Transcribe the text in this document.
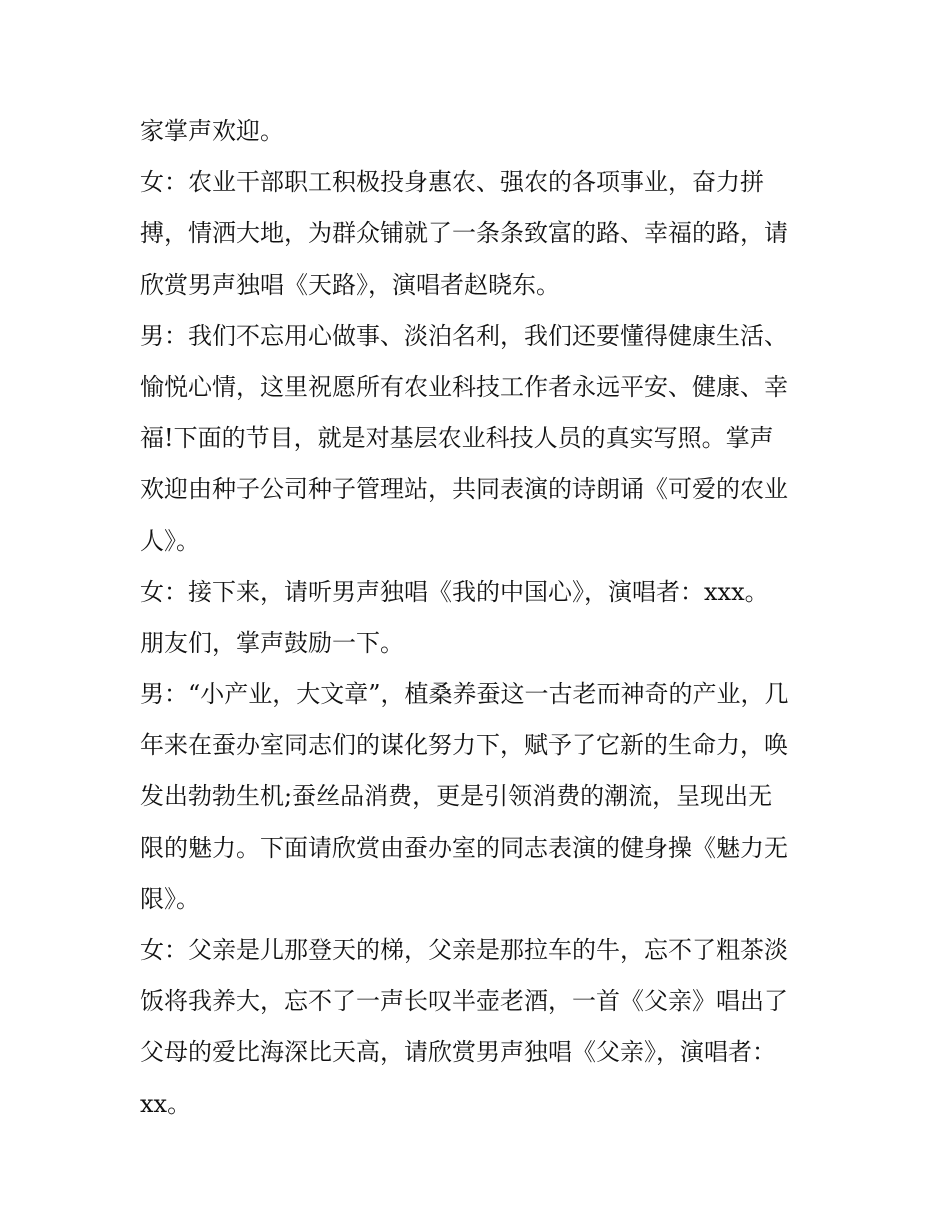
家掌声欢迎。
女：农业干部职工积极投身惠农、强农的各项事业，奋力拼
搏，情洒大地，为群众铺就了一条条致富的路、幸福的路，请
欣赏男声独唱《天路》，演唱者赵晓东。
男：我们不忘用心做事、淡泊名利，我们还要懂得健康生活、
愉悦心情，这里祝愿所有农业科技工作者永远平安、健康、幸
福!下面的节目，就是对基层农业科技人员的真实写照。掌声
欢迎由种子公司种子管理站，共同表演的诗朗诵《可爱的农业
人》。
女：接下来，请听男声独唱《我的中国心》，演唱者：xxx。
朋友们，掌声鼓励一下。
男：“小产业，大文章”，植桑养蚕这一古老而神奇的产业，几
年来在蚕办室同志们的谋化努力下，赋予了它新的生命力，唤
发出勃勃生机;蚕丝品消费，更是引领消费的潮流，呈现出无
限的魅力。下面请欣赏由蚕办室的同志表演的健身操《魅力无
限》。
女：父亲是儿那登天的梯，父亲是那拉车的牛，忘不了粗茶淡
饭将我养大，忘不了一声长叹半壶老酒，一首《父亲》唱出了
父母的爱比海深比天高，请欣赏男声独唱《父亲》，演唱者：
xx。
